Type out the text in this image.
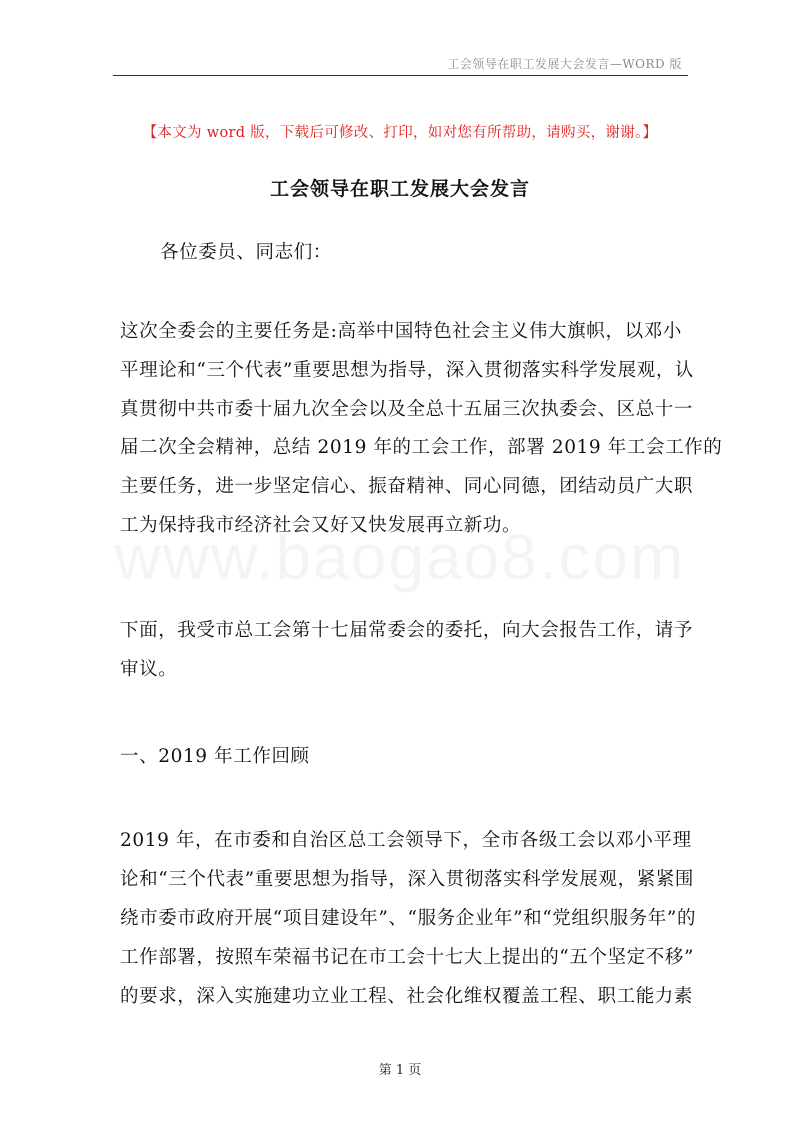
工会领导在职工发展大会发言—WORD 版
【本文为 word 版，下载后可修改、打印，如对您有所帮助，请购买，谢谢。】
工会领导在职工发展大会发言
各位委员、同志们：
这次全委会的主要任务是:高举中国特色社会主义伟大旗帜，以邓小
平理论和“三个代表”重要思想为指导，深入贯彻落实科学发展观，认
真贯彻中共市委十届九次全会以及全总十五届三次执委会、区总十一
届二次全会精神，总结 2019 年的工会工作，部署 2019 年工会工作的
主要任务，进一步坚定信心、振奋精神、同心同德，团结动员广大职
工为保持我市经济社会又好又快发展再立新功。
下面，我受市总工会第十七届常委会的委托，向大会报告工作，请予
审议。
一、2019 年工作回顾
2019 年，在市委和自治区总工会领导下，全市各级工会以邓小平理
论和“三个代表”重要思想为指导，深入贯彻落实科学发展观，紧紧围
绕市委市政府开展“项目建设年”、“服务企业年”和“党组织服务年”的
工作部署，按照车荣福书记在市工会十七大上提出的“五个坚定不移”
的要求，深入实施建功立业工程、社会化维权覆盖工程、职工能力素
第 1 页
